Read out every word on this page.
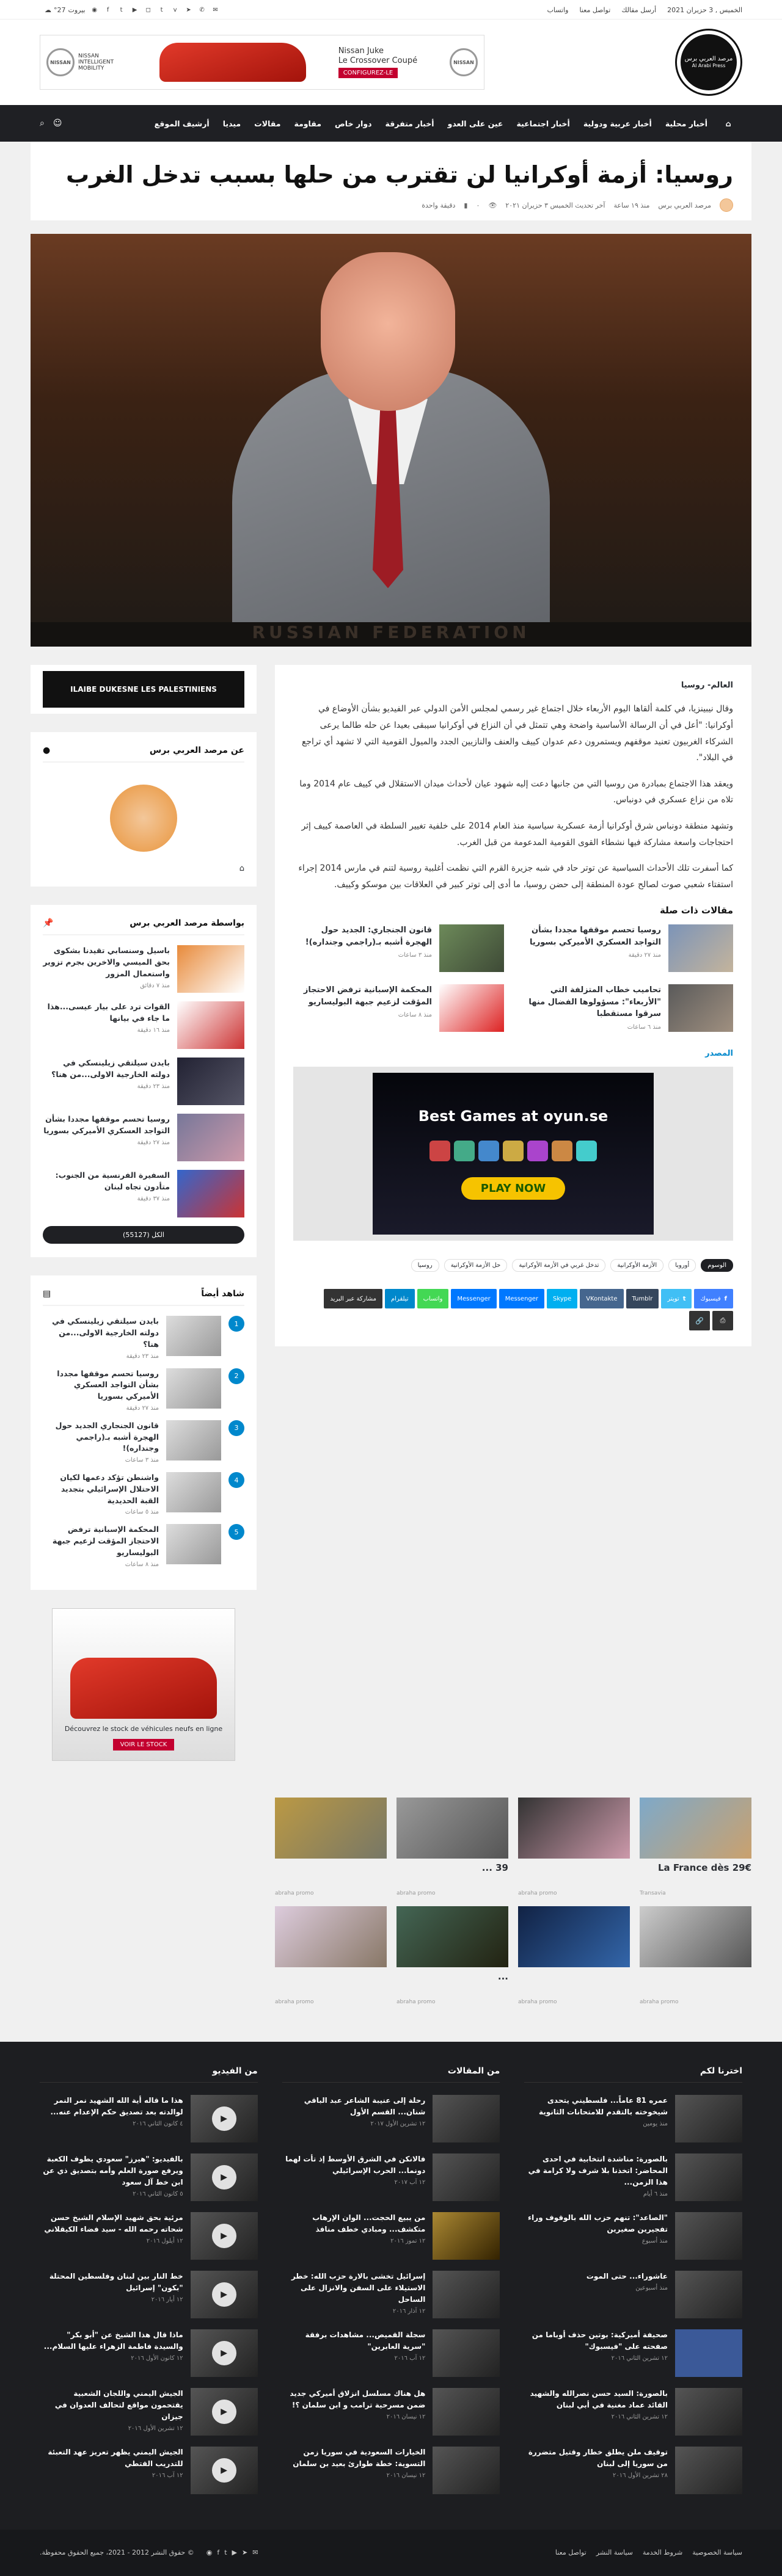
الخميس , 3 حزيران 2021
أرسل مقالك
تواصل معنا
واتساب
☁ °27 بيروت ◉	f	t	▶	◻	t	v	➤ ✆ ✉
مرصد العربي برس
Al Arabi Press
NISSAN
NISSAN INTELLIGENT MOBILITY
Nissan Juke
Le Crossover Coupé
CONFIGUREZ-LE
NISSAN
⌂
أخبار محلية
أخبار عربية ودولية
أخبار اجتماعية
عين على العدو
أخبار متفرقة
دوار خاص
مقاومة
مقالات
ميديا
أرشيف الموقع
☺
⌕
روسيا: أزمة أوكرانيا لن تقترب من حلها بسبب تدخل الغرب
مرصد العربي برس
منذ ١٩ ساعة
آخر تحديث الخميس ٣ حزيران ٢٠٢١
👁
٠
▮
دقيقة واحدة
RUSSIAN FEDERATION
العالم- روسيا

وقال نيبينزيا، في كلمة ألقاها اليوم الأربعاء خلال اجتماع غير رسمي لمجلس الأمن الدولي عبر الفيديو بشأن الأوضاع في أوكرانيا: "أعل في أن الرسالة الأساسية واضحة وهي تتمثل في أن النزاع في أوكرانيا سيبقى بعيدا عن حله طالما يرعى الشركاء الغربيون تعنيد موقفهم ويستمرون دعم عدوان كييف والعنف والنازيين الجدد والميول القومية التي لا تشهد أي تراجع في البلاد".

ويعقد هذا الاجتماع بمبادرة من روسيا التي من جانبها دعت إليه شهود عيان لأحداث ميدان الاستقلال في كييف عام 2014 وما تلاه من نزاع عسكري في دونباس.

وتشهد منطقة دونباس شرق أوكرانيا أزمة عسكرية سياسية منذ العام 2014 على خلفية تغيير السلطة في العاصمة كييف إثر احتجاجات واسعة مشاركة فيها نشطاء القوى القومية المدعومة من قبل الغرب.

كما أسفرت تلك الأحداث السياسية عن توتر حاد في شبه جزيرة القرم التي نظمت أغلبية روسية لتنم في مارس 2014 إجراء استفتاء شعبي صوت لصالح عودة المنطقة إلى حضن روسيا، ما أدى إلى توتر كبير في العلاقات بين موسكو وكييف.

مقالات ذات صلة
روسيا تحسم موقفها مجددا بشأن التواجد العسكري الأميركي بسوريا
منذ ٢٧ دقيقة
قانون الجنجاري: الجديد حول الهجرة أشبه بـ(راجمي وجنداره)!
منذ ٣ ساعات
تحاميب خطاب المتزلفة التي "الأربعاء": مسؤولوها الفضال منها سرقوا مستقطبا
منذ ٦ ساعات
المحكمة الإسبانية ترفض الاحتجاز المؤقت لزعيم جبهة البوليساريو
منذ ٨ ساعات
المصدر
Best Games at oyun.se
PLAY NOW
الوسوم
أوروبا
الأزمة الأوكرانية
تدخل غربي في الأزمة الأوكرانية
حل الأزمة الأوكرانية
روسيا
f
فيسبوك
t
تويتر
Tumblr
VKontakte
Skype
Messenger
Messenger
واتساب
تيلقرام
مشاركة عبر البريد
⎙
🔗
ILAIBE DUKESNE LES PALESTINIENS
عن مرصد العربي برس
●
⌂
بواسطة مرصد العربي برس
📌
باسيل وسنسابي تقيدنا بشكوى بحق الميسي والاخرين بجرم تزوير واستعمال المزور
منذ ٧ دقائق
القوات ترد على بيار عيسى...هذا ما جاء في بيانها
منذ ١٦ دقيقة
بايدن سيلتقي زيلينسكي في دولته الخارجية الاولى...من هنا؟
منذ ٢٣ دقيقة
روسيا تحسم موقفها مجددا بشأن التواجد العسكري الأميركي بسوريا
منذ ٢٧ دقيقة
السفيرة الفرنسية من الجنوب: متأدون تجاه لبنان
منذ ٣٧ دقيقة
الكل (55127)
شاهد أيضاً
▤
1
بايدن سيلتقي زيلينسكي في دولته الخارجية الاولى...من هنا؟
منذ ٢٣ دقيقة
2
روسيا تحسم موقفها مجددا بشأن التواجد العسكري الأميركي بسوريا
منذ ٢٧ دقيقة
3
قانون الجنجاري الجديد حول الهجرة أشبه بـ(راجمي وجنداره)!
منذ ٣ ساعات
4
واشنطن تؤكد دعمها لكيان الاحتلال الإسرائيلي بتجديد القبة الحديدية
منذ ٥ ساعات
5
المحكمة الإسبانية ترفض الاحتجاز المؤقت لزعيم جبهة البوليساريو
منذ ٨ ساعات
Découvrez le stock de véhicules neufs en ligne
VOIR LE STOCK
La France dès 29€
Transavia
abraha promo
39 ...
abraha promo
abraha promo
abraha promo
abraha promo
...
abraha promo
abraha promo
اخترنا لكم
عمره 81 عاماً... فلسطيني يتحدى شيخوخته بالتقدم للامتحانات الثانوية
منذ يومين
بالصورة: مناشدة انتخابية في احدى المحاضر: اتخذنا بلا شرف ولا كرامة في هذا الزمن...
منذ ٦ أيام
"الصاعد": تنهم حزب الله بالوقوف وراء تفجيرين صغيرين
منذ أسبوع
عاشوراء... حتى الموت
منذ أسبوعين
صحيفة أميركية: بوتين حذف أوباما من صفحته على "فيسبوك"
١٢ تشرين الثاني ٢٠١٦
بالصورة: السيد حسن نصرالله والشهيد القائد عماد مغنية في أبي لبنان
١٢ تشرين الثاني ٢٠١٦
توقيف ملن يطلق خطار وقتيل متضررة من سوريا إلى لبنان
٢٨ تشرين الأول ٢٠١٦
من المقالات
رحلة إلى عنيبة الشاعر عبد الباقي شنان... القسم الأول
١٢ تشرين الأول ٢٠١٧
فالانكن في الشرق الأوسط إذ تأت لهما دونما... الحرب الإسرائيلي
١٢ آب ٢٠١٧
من يبيع الحجت... الوان الإرهاب متكشف... ومبادي خطف منافذ
١٢ تموز ٢٠١٦
إسرائيل تخشى بالارة حزب الله: خطر الاستيلاء على السفن والانزال على الساحل
١٢ آذار ٢٠١٦
سجلة القميص... مشاهدات برفقة "سرية العابرين"
١٢ آب ٢٠١٦
هل هناك مسلسل انزلاق أميركي جديد ضمن مسرحية ترامب و ابن سلمان ؟!
١٢ نيسان ٢٠١٦
الخيارات السعودية في سوريا زمن التسوية: خطة طوارئ بعيد بن سلمان
١٢ نيسان ٢٠١٦
من الفيديو
▶
هذا ما قاله أية الله الشهيد نمر النمر لوالدته بعد تصديق حكم الإعدام عنه...
٤ كانون الثاني ٢٠١٦
▶
بالفيديو: "هيرز" سعودي يطوف الكعبة ويرفع صورة العلم وأمه بتصديق ذي عن ابن خط آل سعود
٥ كانون الثاني ٢٠١٦
▶
مرئية بحق شهيد الإسلام الشيخ حسن شحاته رحمه الله - سيد فضاء الكيقلاني
١٢ أيلول ٢٠١٦
▶
خط النار بين لبنان وفلسطين المحتلة "بكون" إسرائيل
١٢ أيار ٢٠١٦
▶
ماذا قال هذا الشيخ عن "أبو بكر" والسيدة فاطمة الزهراء عليها السلام...
١٢ كانون الأول ٢٠١٦
▶
الجيش اليمني واللجان الشعبية يقتحمون مواقع لتحالف العدوان في جيزان
١٢ تشرين الأول ٢٠١٦
▶
الجيش اليمني يظهر تعريز عهد التعبئة للتدريب القتطي
١٢ آب ٢٠١٦
سياسة الخصوصية
شروط الخدمة
سياسة النشر
تواصل معنا
◉ f t ▶ ➤ ✉
© حقوق النشر 2012 - 2021، جميع الحقوق محفوظة.
